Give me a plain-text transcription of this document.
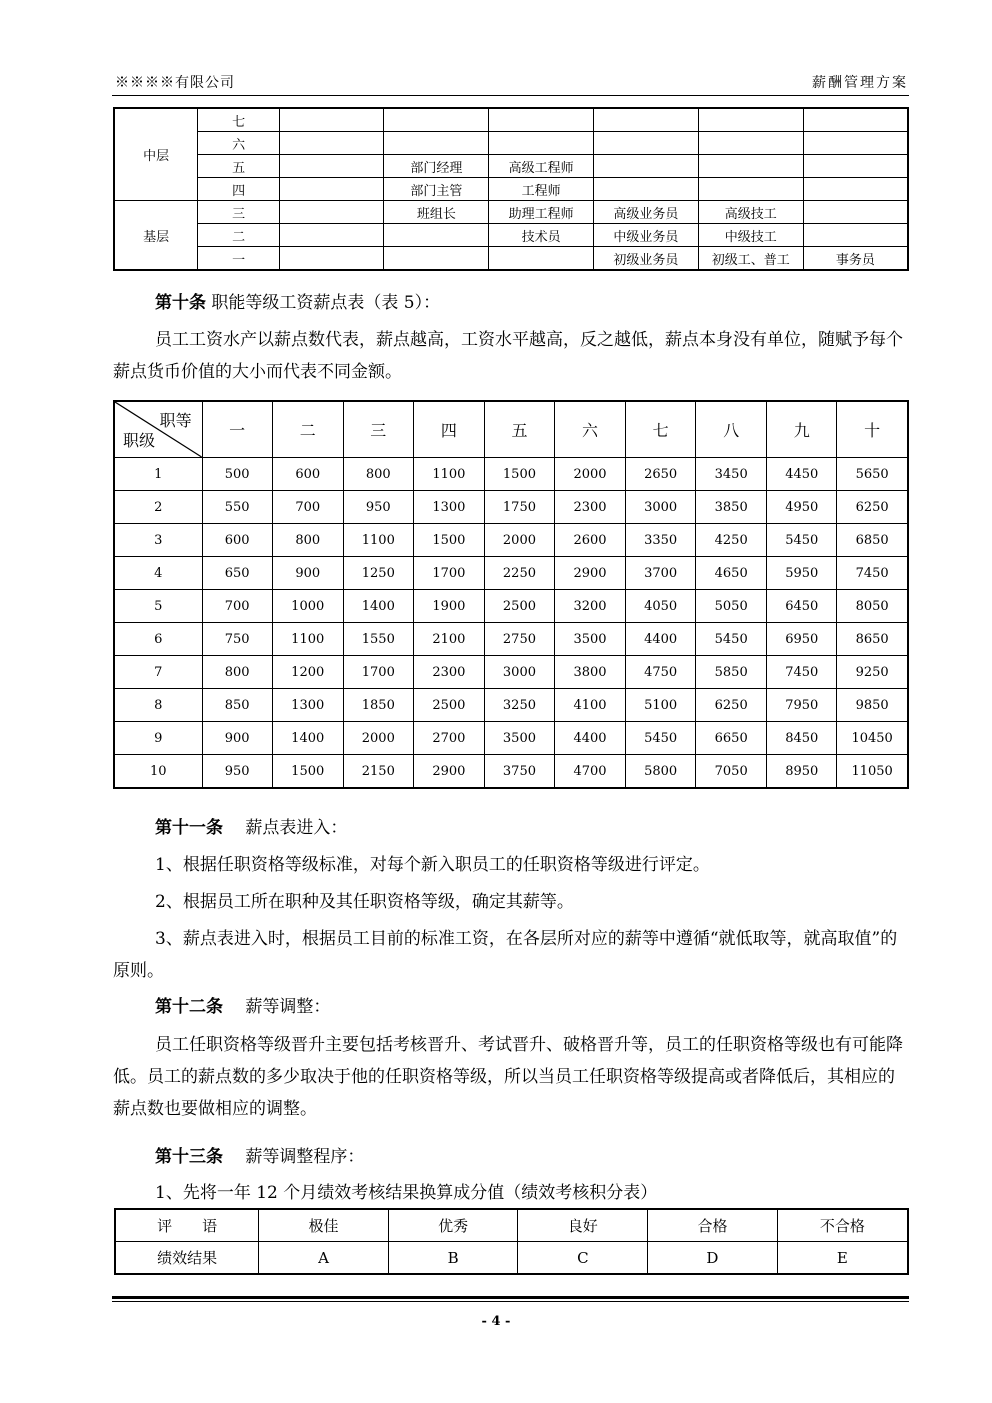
※※※※有限公司	薪酬管理方案
中层	七						
	六						
	五		部门经理	高级工程师			
	四		部门主管	工程师			
基层	三		班组长	助理工程师	高级业务员	高级技工	
	二			技术员	中级业务员	中级技工	
	一				初级业务员	初级工、普工	事务员

第十条 职能等级工资薪点表（表 5）：

员工工资水产以薪点数代表，薪点越高，工资水平越高，反之越低，薪点本身没有单位，随赋予每个薪点货币价值的大小而代表不同金额。

职等
职级	一	二	三	四	五	六	七	八	九	十
1	500	600	800	1100	1500	2000	2650	3450	4450	5650
2	550	700	950	1300	1750	2300	3000	3850	4950	6250
3	600	800	1100	1500	2000	2600	3350	4250	5450	6850
4	650	900	1250	1700	2250	2900	3700	4650	5950	7450
5	700	1000	1400	1900	2500	3200	4050	5050	6450	8050
6	750	1100	1550	2100	2750	3500	4400	5450	6950	8650
7	800	1200	1700	2300	3000	3800	4750	5850	7450	9250
8	850	1300	1850	2500	3250	4100	5100	6250	7950	9850
9	900	1400	2000	2700	3500	4400	5450	6650	8450	10450
10	950	1500	2150	2900	3750	4700	5800	7050	8950	11050

第十一条　 薪点表进入：

1、根据任职资格等级标准，对每个新入职员工的任职资格等级进行评定。

2、根据员工所在职种及其任职资格等级，确定其薪等。

3、薪点表进入时，根据员工目前的标准工资，在各层所对应的薪等中遵循“就低取等，就高取值”的原则。

第十二条　 薪等调整：

员工任职资格等级晋升主要包括考核晋升、考试晋升、破格晋升等，员工的任职资格等级也有可能降低。员工的薪点数的多少取决于他的任职资格等级，所以当员工任职资格等级提高或者降低后，其相应的薪点数也要做相应的调整。

第十三条　 薪等调整程序：

1、先将一年 12 个月绩效考核结果换算成分值（绩效考核积分表）

评　　语	极佳	优秀	良好	合格	不合格
绩效结果	A	B	C	D	E
- 4 -
